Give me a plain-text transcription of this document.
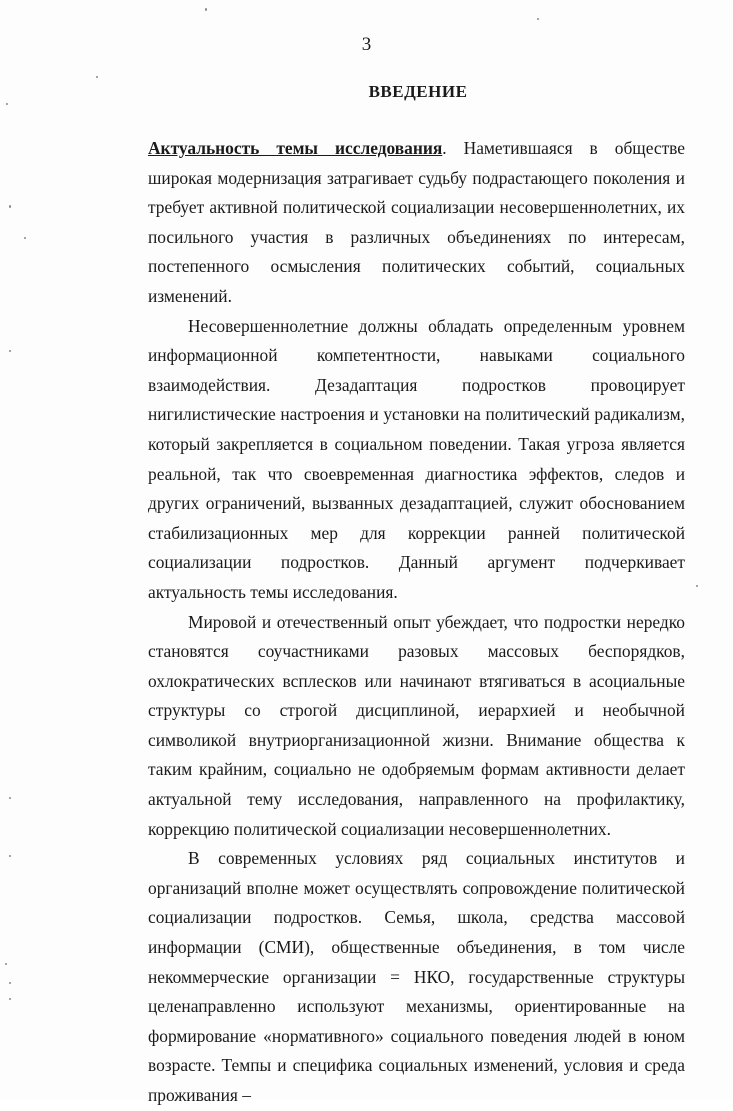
3
ВВЕДЕНИЕ

Актуальность темы исследования. Наметившаяся в обществе широкая модернизация затрагивает судьбу подрастающего поколения и требует активной политической социализации несовершеннолетних, их посильного участия в различных объединениях по интересам, постепенного осмысления политических событий, социальных изменений.

Несовершеннолетние должны обладать определенным уровнем информационной компетентности, навыками социального взаимодействия. Дезадаптация подростков провоцирует нигилистические настроения и установки на политический радикализм, который закрепляется в социальном поведении. Такая угроза является реальной, так что своевременная диагностика эффектов, следов и других ограничений, вызванных дезадаптацией, служит обоснованием стабилизационных мер для коррекции ранней политической социализации подростков. Данный аргумент подчеркивает актуальность темы исследования.

Мировой и отечественный опыт убеждает, что подростки нередко становятся соучастниками разовых массовых беспорядков, охлократических всплесков или начинают втягиваться в асоциальные структуры со строгой дисциплиной, иерархией и необычной символикой внутриорганизационной жизни. Внимание общества к таким крайним, социально не одобряемым формам активности делает актуальной тему исследования, направленного на профилактику, коррекцию политической социализации несовершеннолетних.

В современных условиях ряд социальных институтов и организаций вполне может осуществлять сопровождение политической социализации подростков. Семья, школа, средства массовой информации (СМИ), общественные объединения, в том числе некоммерческие организации = НКО, государственные структуры целенаправленно используют механизмы, ориентированные на формирование «нормативного» социального поведения людей в юном возрасте. Темпы и специфика социальных изменений, условия и среда проживания –
